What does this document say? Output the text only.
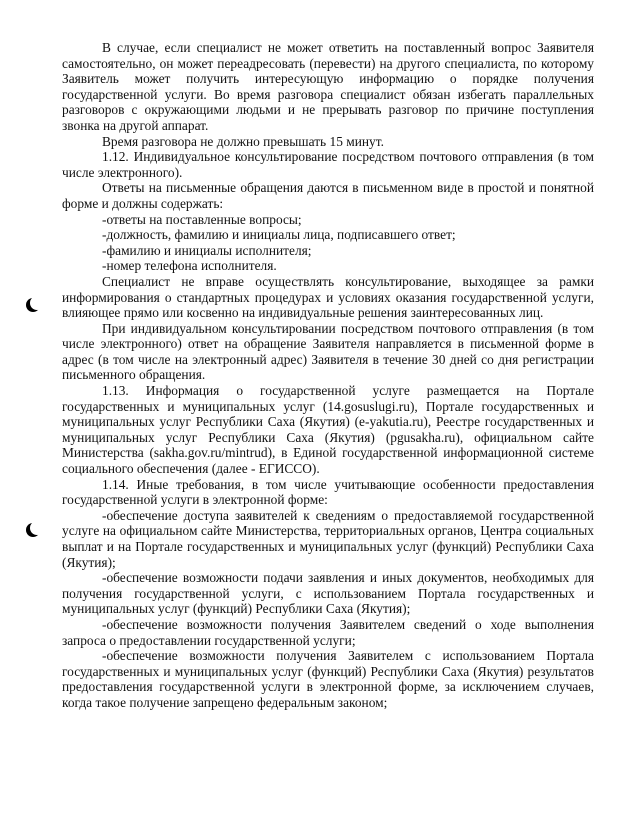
В случае, если специалист не может ответить на поставленный вопрос Заявителя самостоятельно, он может переадресовать (перевести) на другого специалиста, по которому Заявитель может получить интересующую информацию о порядке получения государственной услуги. Во время разговора специалист обязан избегать параллельных разговоров с окружающими людьми и не прерывать разговор по причине поступления звонка на другой аппарат.

Время разговора не должно превышать 15 минут.

1.12. Индивидуальное консультирование посредством почтового отправления (в том числе электронного).

Ответы на письменные обращения даются в письменном виде в простой и понятной форме и должны содержать:

-ответы на поставленные вопросы;

-должность, фамилию и инициалы лица, подписавшего ответ;

-фамилию и инициалы исполнителя;

-номер телефона исполнителя.

Специалист не вправе осуществлять консультирование, выходящее за рамки информирования о стандартных процедурах и условиях оказания государственной услуги, влияющее прямо или косвенно на индивидуальные решения заинтересованных лиц.

При индивидуальном консультировании посредством почтового отправления (в том числе электронного) ответ на обращение Заявителя направляется в письменной форме в адрес (в том числе на электронный адрес) Заявителя в течение 30 дней со дня регистрации письменного обращения.

1.13. Информация о государственной услуге размещается на Портале государственных и муниципальных услуг (14.gosuslugi.ru), Портале государственных и муниципальных услуг Республики Саха (Якутия) (e-yakutia.ru), Реестре государственных и муниципальных услуг Республики Саха (Якутия) (pgusakha.ru), официальном сайте Министерства (sakha.gov.ru/mintrud), в Единой государственной информационной системе социального обеспечения (далее - ЕГИССО).

1.14. Иные требования, в том числе учитывающие особенности предоставления государственной услуги в электронной форме:

-обеспечение доступа заявителей к сведениям о предоставляемой государственной услуге на официальном сайте Министерства, территориальных органов, Центра социальных выплат и на Портале государственных и муниципальных услуг (функций) Республики Саха (Якутия);

-обеспечение возможности подачи заявления и иных документов, необходимых для получения государственной услуги, с использованием Портала государственных и муниципальных услуг (функций) Республики Саха (Якутия);

-обеспечение возможности получения Заявителем сведений о ходе выполнения запроса о предоставлении государственной услуги;

-обеспечение возможности получения Заявителем с использованием Портала государственных и муниципальных услуг (функций) Республики Саха (Якутия) результатов предоставления государственной услуги в электронной форме, за исключением случаев, когда такое получение запрещено федеральным законом;
